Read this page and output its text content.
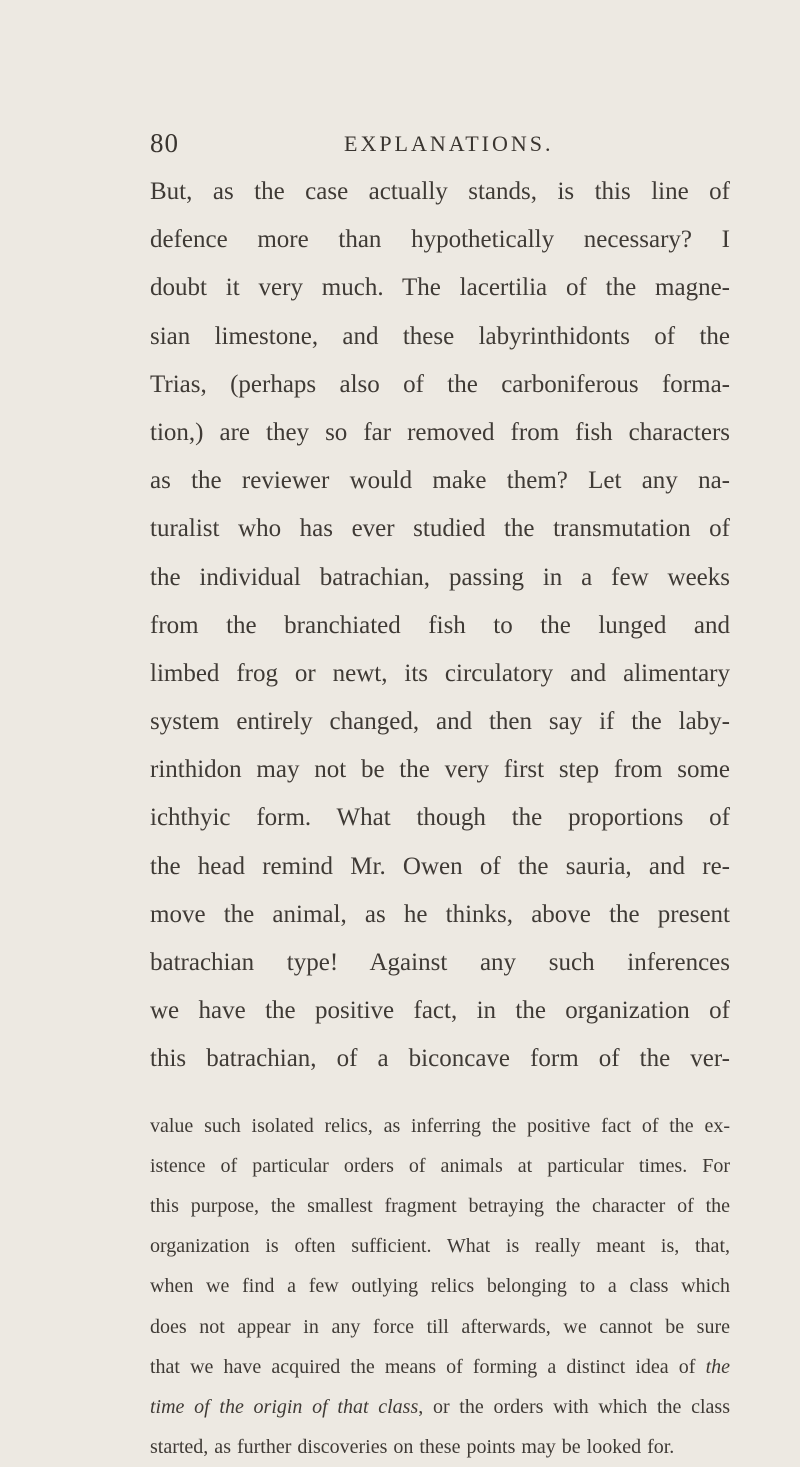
80	EXPLANATIONS.
But, as the case actually stands, is this line of
defence more than hypothetically necessary? I
doubt it very much. The lacertilia of the magne-
sian limestone, and these labyrinthidonts of the
Trias, (perhaps also of the carboniferous forma-
tion,) are they so far removed from fish characters
as the reviewer would make them? Let any na-
turalist who has ever studied the transmutation of
the individual batrachian, passing in a few weeks
from the branchiated fish to the lunged and
limbed frog or newt, its circulatory and alimentary
system entirely changed, and then say if the laby-
rinthidon may not be the very first step from some
ichthyic form. What though the proportions of
the head remind Mr. Owen of the sauria, and re-
move the animal, as he thinks, above the present
batrachian type! Against any such inferences
we have the positive fact, in the organization of
this batrachian, of a biconcave form of the ver-
value such isolated relics, as inferring the positive fact of the ex-
istence of particular orders of animals at particular times. For
this purpose, the smallest fragment betraying the character of the
organization is often sufficient. What is really meant is, that,
when we find a few outlying relics belonging to a class which
does not appear in any force till afterwards, we cannot be sure
that we have acquired the means of forming a distinct idea of the
time of the origin of that class, or the orders with which the class
started, as further discoveries on these points may be looked for.
